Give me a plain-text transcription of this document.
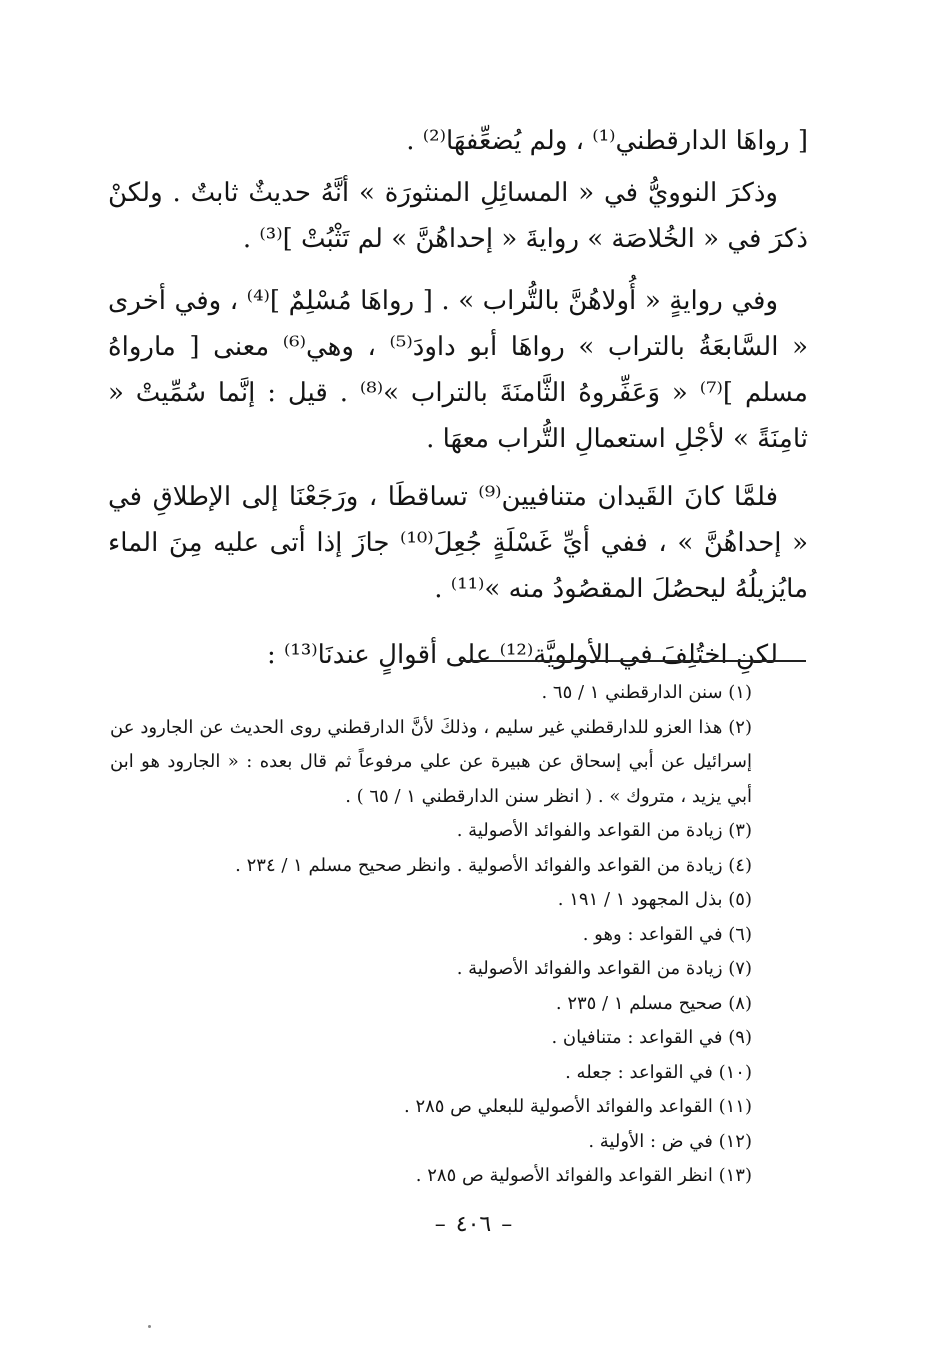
[ رواهَا الدارقطني⁽¹⁾ ، ولم يُضعِّفهَا⁽²⁾ .

وذكرَ النوويُّ في « المسائِلِ المنثورَة » أنَّهُ حديثٌ ثابتٌ . ولكنْ ذكرَ في « الخُلاصَة » روايةَ « إحداهُنَّ » لم تَثْبُتْ ]⁽³⁾ .

وفي روايةٍ « أُولاهُنَّ بالتُّراب » . [ رواهَا مُسْلِمٌ ]⁽⁴⁾ ، وفي أخرى « السَّابعَةُ بالتراب » رواهَا أبو داودَ⁽⁵⁾ ، وهي⁽⁶⁾ معنى [ مارواهُ مسلم ]⁽⁷⁾ « وَعَفِّروهُ الثَّامنَةَ بالتراب »⁽⁸⁾ . قيل : إنَّما سُمِّيتْ « ثامِنَةً » لأجْلِ استعمالِ التُّراب معهَا .

فلمَّا كانَ القَيدان متنافيين⁽⁹⁾ تساقطَا ، ورَجَعْنَا إلى الإطلاقِ في « إحداهُنَّ » ، ففي أيِّ غَسْلَةٍ جُعِلَ⁽¹⁰⁾ جازَ إذا أتى عليه مِنَ الماء مايُزيلُهُ ليحصُلَ المقصُودُ منه »⁽¹¹⁾ .

لكنِ اختُلِفَ في الأولويَّة⁽¹²⁾ على أقوالٍ عندنَا⁽¹³⁾ :

(١) سنن الدارقطني ١ / ٦٥ .

(٢) هذا العزو للدارقطني غير سليم ، وذلكَ لأنَّ الدارقطني روى الحديث عن الجارود عن إسرائيل عن أبي إسحاق عن هبيرة عن علي مرفوعاً ثم قال بعده : « الجارود هو ابن أبي يزيد ، متروك » . ( انظر سنن الدارقطني ١ / ٦٥ ) .

(٣) زيادة من القواعد والفوائد الأصولية .

(٤) زيادة من القواعد والفوائد الأصولية . وانظر صحيح مسلم ١ / ٢٣٤ .

(٥) بذل المجهود ١ / ١٩١ .

(٦) في القواعد : وهو .

(٧) زيادة من القواعد والفوائد الأصولية .

(٨) صحيح مسلم ١ / ٢٣٥ .

(٩) في القواعد : متنافيان .

(١٠) في القواعد : جعله .

(١١) القواعد والفوائد الأصولية للبعلي ص ٢٨٥ .

(١٢) في ض : الأولية .

(١٣) انظر القواعد والفوائد الأصولية ص ٢٨٥ .

–٤٠٦–
